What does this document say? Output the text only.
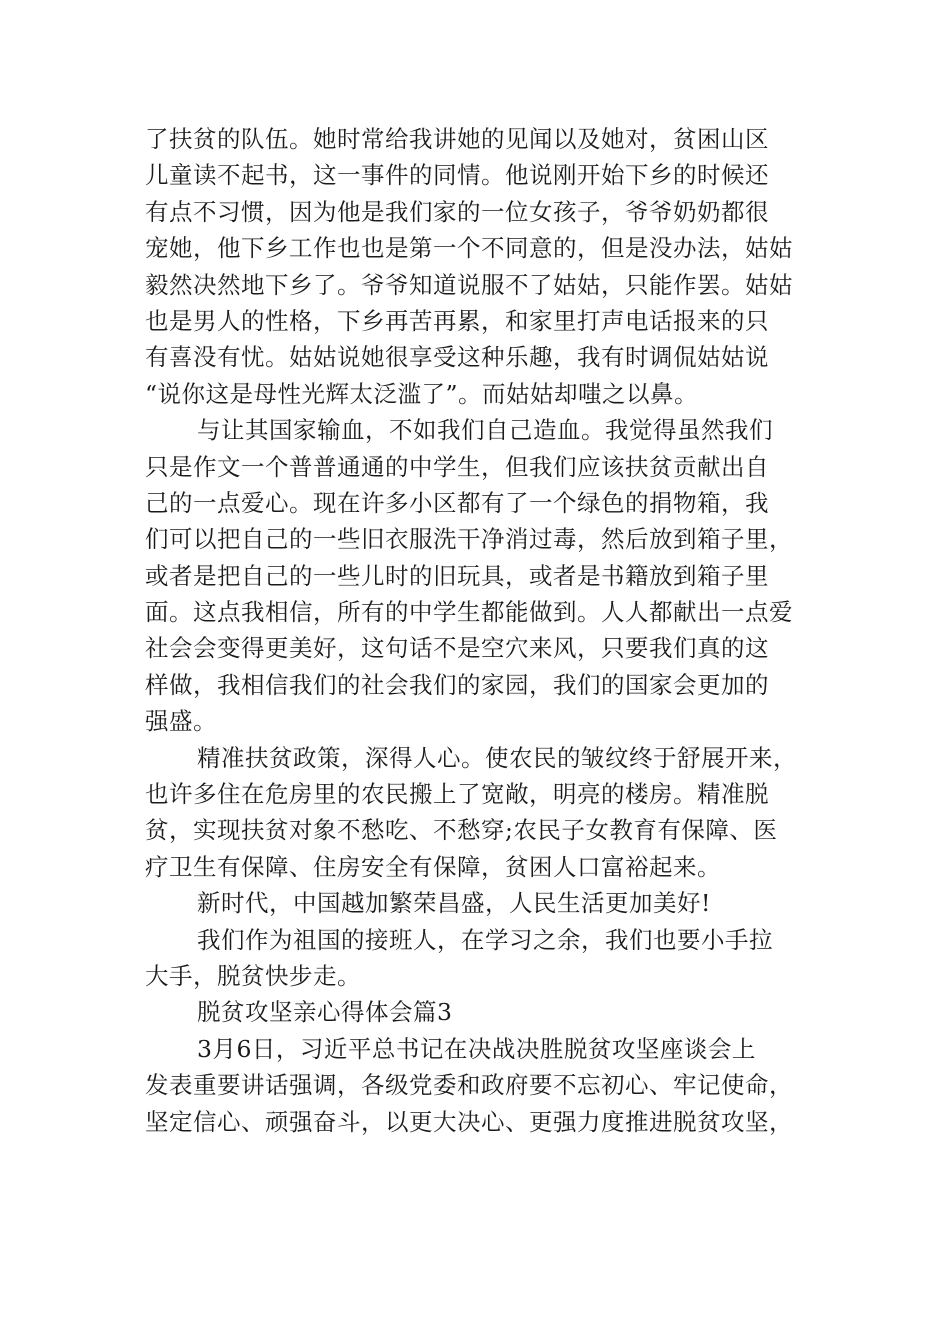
了扶贫的队伍。她时常给我讲她的见闻以及她对，贫困山区
儿童读不起书，这一事件的同情。他说刚开始下乡的时候还
有点不习惯，因为他是我们家的一位女孩子，爷爷奶奶都很
宠她，他下乡工作也也是第一个不同意的，但是没办法，姑姑
毅然决然地下乡了。爷爷知道说服不了姑姑，只能作罢。姑姑
也是男人的性格，下乡再苦再累，和家里打声电话报来的只
有喜没有忧。姑姑说她很享受这种乐趣，我有时调侃姑姑说
“说你这是母性光辉太泛滥了”。而姑姑却嗤之以鼻。
与让其国家输血，不如我们自己造血。我觉得虽然我们
只是作文一个普普通通的中学生，但我们应该扶贫贡献出自
己的一点爱心。现在许多小区都有了一个绿色的捐物箱，我
们可以把自己的一些旧衣服洗干净消过毒，然后放到箱子里，
或者是把自己的一些儿时的旧玩具，或者是书籍放到箱子里
面。这点我相信，所有的中学生都能做到。人人都献出一点爱
社会会变得更美好，这句话不是空穴来风，只要我们真的这
样做，我相信我们的社会我们的家园，我们的国家会更加的
强盛。
精准扶贫政策，深得人心。使农民的皱纹终于舒展开来，
也许多住在危房里的农民搬上了宽敞，明亮的楼房。精准脱
贫，实现扶贫对象不愁吃、不愁穿;农民子女教育有保障、医
疗卫生有保障、住房安全有保障，贫困人口富裕起来。
新时代，中国越加繁荣昌盛，人民生活更加美好!
我们作为祖国的接班人，在学习之余，我们也要小手拉
大手，脱贫快步走。
脱贫攻坚亲心得体会篇3
3月6日，习近平总书记在决战决胜脱贫攻坚座谈会上
发表重要讲话强调，各级党委和政府要不忘初心、牢记使命，
坚定信心、顽强奋斗，以更大决心、更强力度推进脱贫攻坚，
